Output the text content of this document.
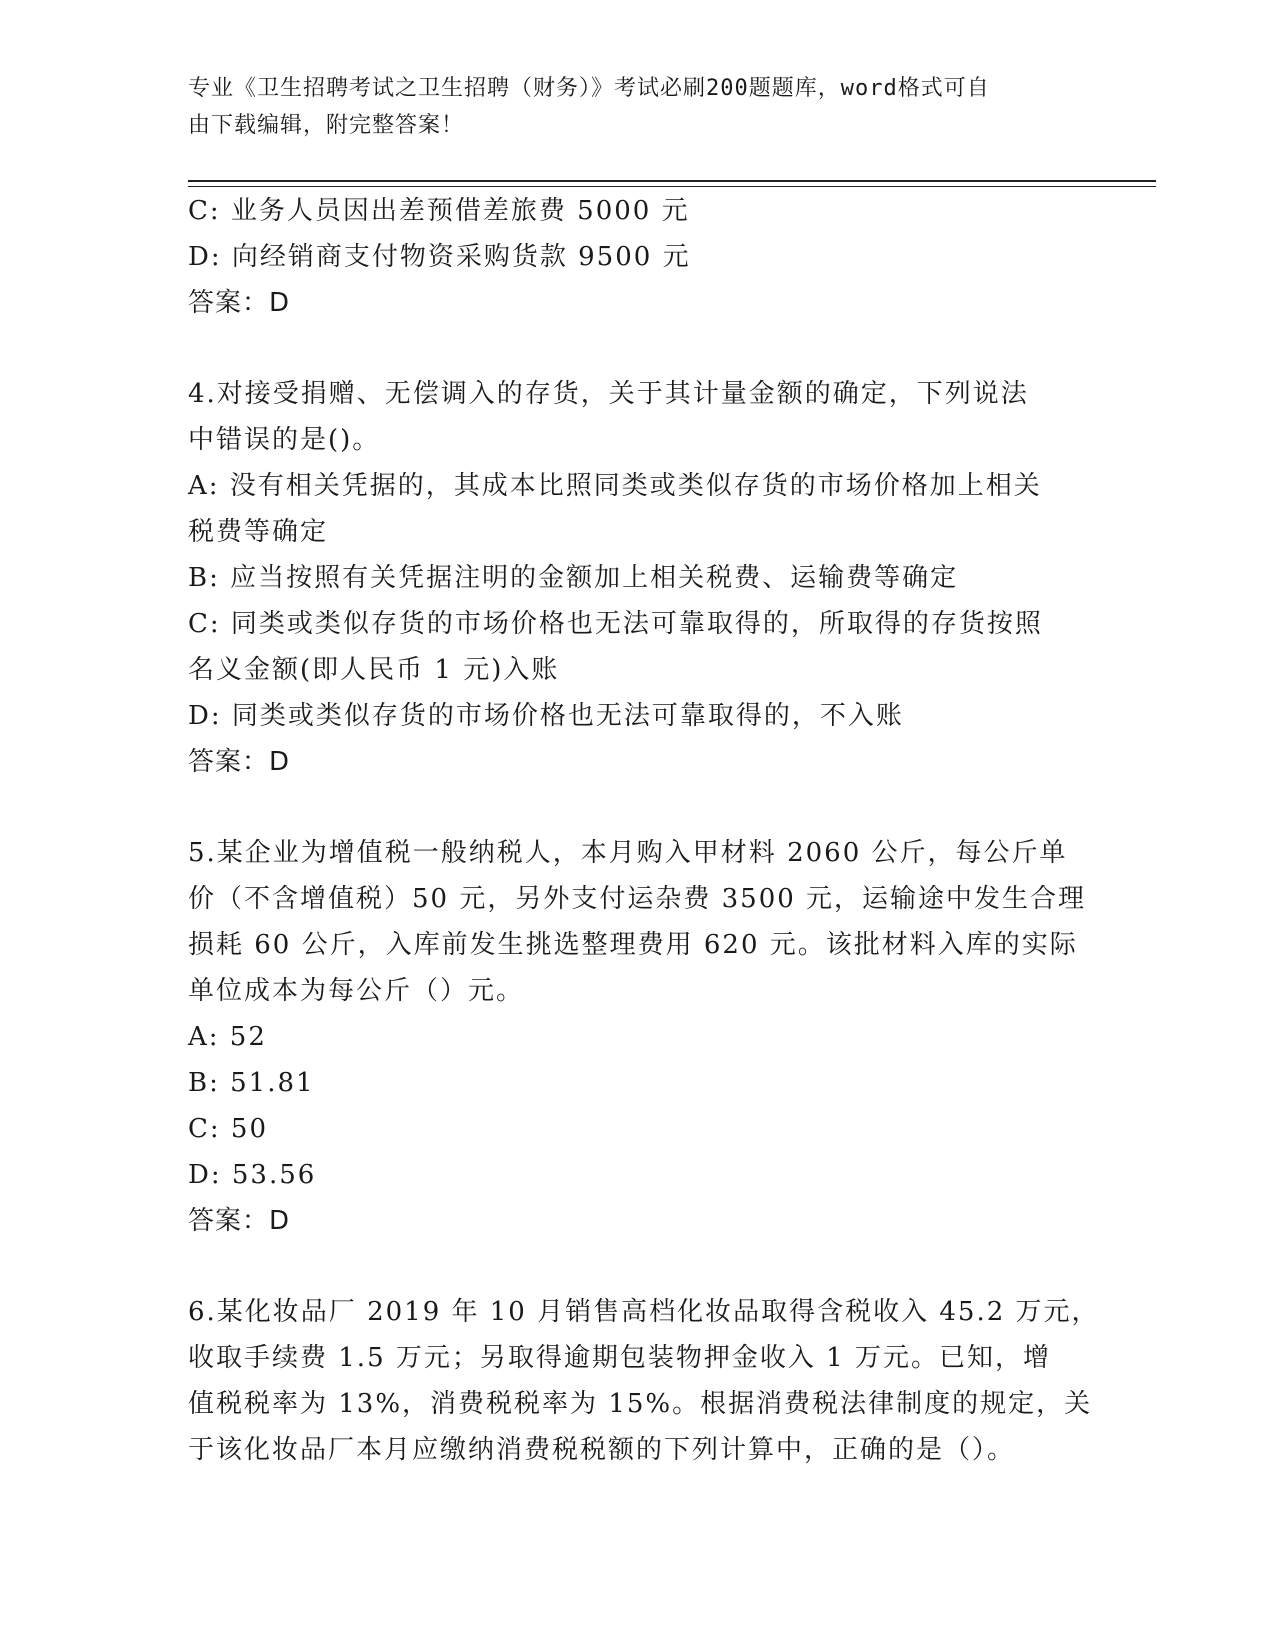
专业《卫生招聘考试之卫生招聘（财务）》考试必刷200题题库，word格式可自
由下载编辑，附完整答案！
C: 业务人员因出差预借差旅费 5000 元
D: 向经销商支付物资采购货款 9500 元
答案：D
4.对接受捐赠、无偿调入的存货，关于其计量金额的确定，下列说法
中错误的是()。
A: 没有相关凭据的，其成本比照同类或类似存货的市场价格加上相关
税费等确定
B: 应当按照有关凭据注明的金额加上相关税费、运输费等确定
C: 同类或类似存货的市场价格也无法可靠取得的，所取得的存货按照
名义金额(即人民币 1 元)入账
D: 同类或类似存货的市场价格也无法可靠取得的，不入账
答案：D
5.某企业为增值税一般纳税人，本月购入甲材料 2060 公斤，每公斤单
价（不含增值税）50 元，另外支付运杂费 3500 元，运输途中发生合理
损耗 60 公斤，入库前发生挑选整理费用 620 元。该批材料入库的实际
单位成本为每公斤（）元。
A: 52
B: 51.81
C: 50
D: 53.56
答案：D
6.某化妆品厂 2019 年 10 月销售高档化妆品取得含税收入 45.2 万元，
收取手续费 1.5 万元；另取得逾期包装物押金收入 1 万元。已知，增
值税税率为 13%，消费税税率为 15%。根据消费税法律制度的规定，关
于该化妆品厂本月应缴纳消费税税额的下列计算中，正确的是（）。
